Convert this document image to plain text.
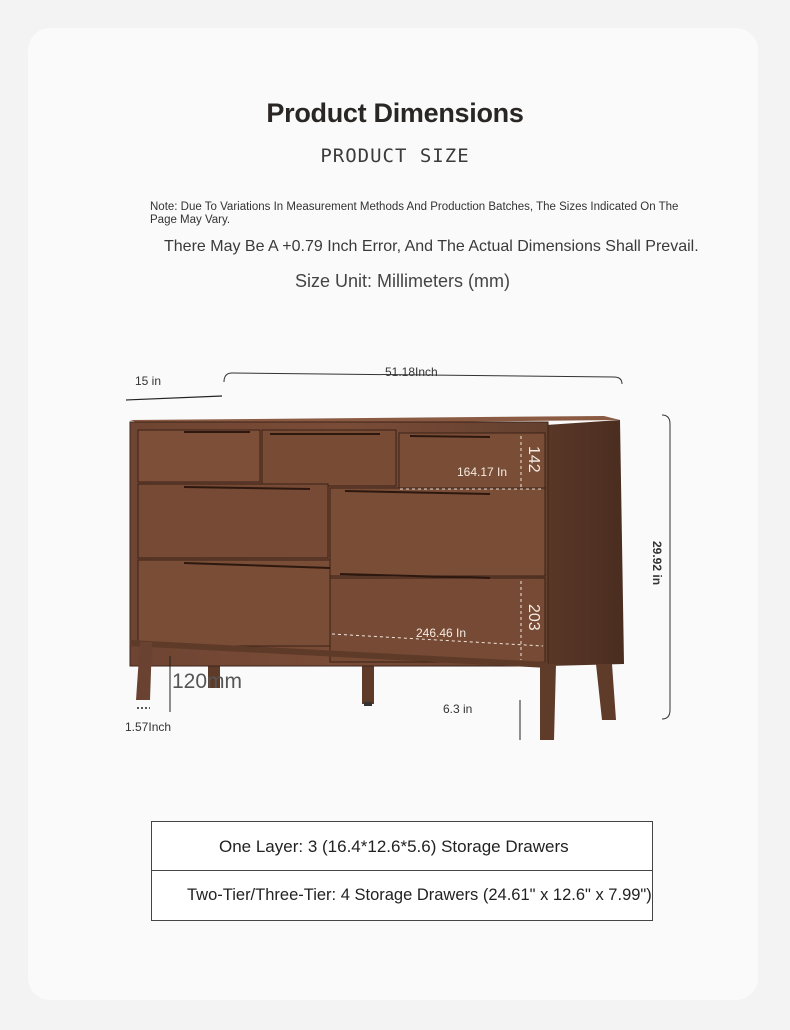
Product Dimensions
PRODUCT SIZE
Note: Due To Variations In Measurement Methods And Production Batches, The Sizes Indicated On The Page May Vary.
There May Be A +0.79 Inch Error, And The Actual Dimensions Shall Prevail.
Size Unit: Millimeters (mm)
15 in
51.18Inch
29.92 in
164.17 In 142
246.46 In
203
120mm
1.57Inch
6.3 in
One Layer: 3 (16.4*12.6*5.6) Storage Drawers
Two-Tier/Three-Tier: 4 Storage Drawers (24.61" x 12.6" x 7.99")
